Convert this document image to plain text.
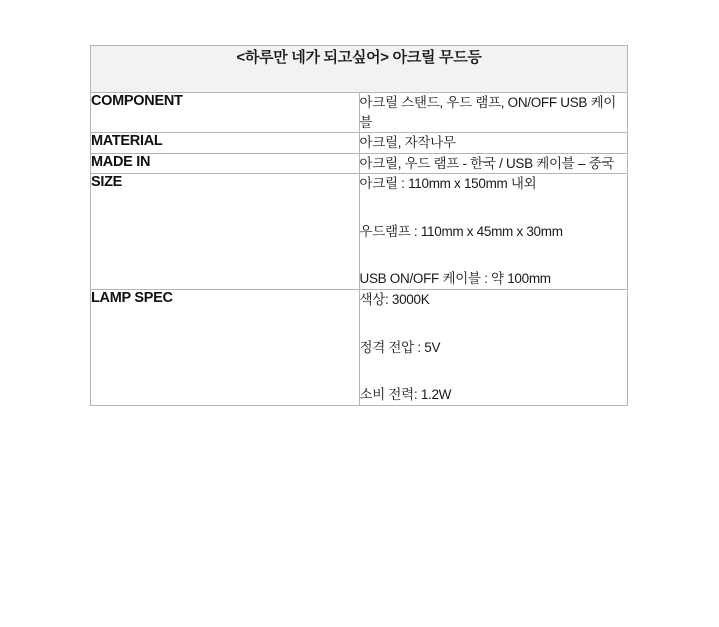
<하루만 네가 되고싶어> 아크릴 무드등	
COMPONENT	아크릴 스탠드, 우드 램프, ON/OFF USB 케이블

MATERIAL	아크릴, 자작나무

MADE IN	아크릴, 우드 램프 - 한국 / USB 케이블 – 중국

SIZE	아크릴 : 110mm x 150mm 내외

우드램프 : 110mm x 45mm x 30mm

USB ON/OFF 케이블 : 약 100mm

LAMP SPEC	색상: 3000K

정격 전압 : 5V

소비 전력: 1.2W
